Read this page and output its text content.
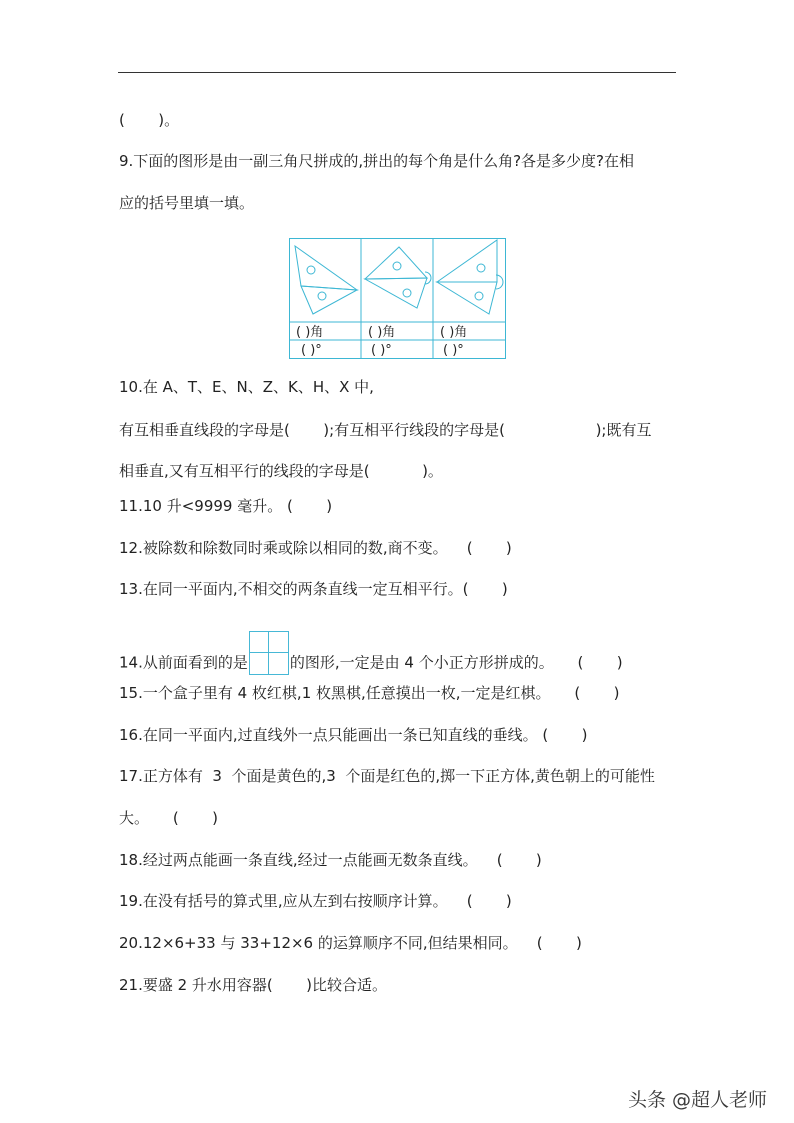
(       )。
9.下面的图形是由一副三角尺拼成的,拼出的每个角是什么角?各是多少度?在相
应的括号里填一填。
( )角	( )角	( )角
( )°	( )°	( )°
10.在 A、T、E、N、Z、K、H、X 中,
有互相垂直线段的字母是(       );有互相平行线段的字母是(                   );既有互
相垂直,又有互相平行的线段的字母是(           )。
11.10 升<9999 毫升。 (       )
12.被除数和除数同时乘或除以相同的数,商不变。    (       )
13.在同一平面内,不相交的两条直线一定互相平行。(       )
14.从前面看到的是	的图形,一定是由 4 个小正方形拼成的。     (       )
15.一个盒子里有 4 枚红棋,1 枚黑棋,任意摸出一枚,一定是红棋。     (       )
16.在同一平面内,过直线外一点只能画出一条已知直线的垂线。 (       )
17.正方体有  3  个面是黄色的,3  个面是红色的,掷一下正方体,黄色朝上的可能性
大。     (       )
18.经过两点能画一条直线,经过一点能画无数条直线。    (       )
19.在没有括号的算式里,应从左到右按顺序计算。    (       )
20.12×6+33 与 33+12×6 的运算顺序不同,但结果相同。    (       )
21.要盛 2 升水用容器(       )比较合适。
头条 @超人老师
